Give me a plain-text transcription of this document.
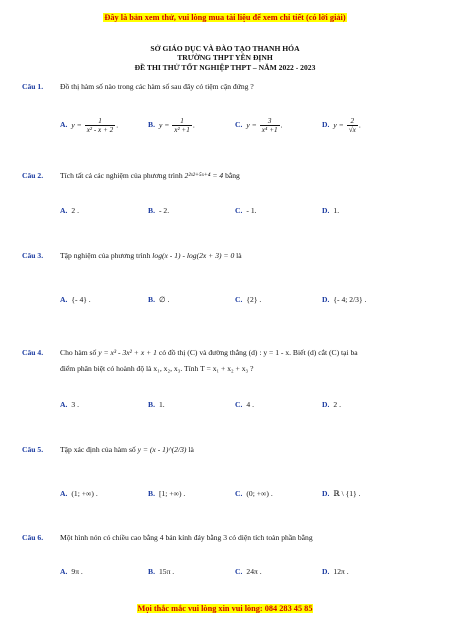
Đây là bản xem thử, vui lòng mua tài liệu để xem chi tiết (có lời giải)
SỞ GIÁO DỤC VÀ ĐÀO TẠO THANH HÓA
TRƯỜNG THPT YÊN ĐỊNH
ĐỀ THI THỬ TỐT NGHIỆP THPT – NĂM 2022 - 2023
Câu 1.	Đồ thị hàm số nào trong các hàm số sau đây có tiệm cận đứng ?
A. $y = \frac{1}{\text{x² - x + 2}}$ .	B. $y = \frac{1}{\text{x² +1}}$ .	C. $y = \frac{3}{\text{x⁴ +1}}$ .	D. $y = \frac{2}{√x}$ .
Câu 2.	Tích tất cả các nghiệm của phương trình 2²ˣ²⁺⁵ˣ⁺⁴ = 4 bằng
A. 2 .	B. - 2.	C. - 1.	D. 1.
Câu 3.	Tập nghiệm của phương trình log(x - 1) - log(2x + 3) = 0 là
A. {- 4} .	B. ∅ .	C. {2} .	D. {- 4; 2/3} .
Câu 4.	Cho hàm số y = x³ - 3x² + x + 1 có đồ thị (C) và đường thẳng (d) : y = 1 - x. Biết (d) cắt (C) tại ba
điểm phân biệt có hoành độ là x₁, x₂, x₃. Tính T = x₁ + x₂ + x₃ ?
A. 3 .	B. 1.	C. 4 .	D. 2 .
Câu 5.	Tập xác định của hàm số y = (x - 1)^(2/3) là
A. (1; +∞) .	B. [1; +∞) .	C. (0; +∞) .	D. ℝ \ {1} .
Câu 6.	Một hình nón có chiều cao bằng 4 bán kính đáy bằng 3 có diện tích toàn phần bằng
A. 9π .	B. 15π .	C. 24π .	D. 12π .
Mọi thắc mắc vui lòng xin vui lòng: 084 283 45 85
